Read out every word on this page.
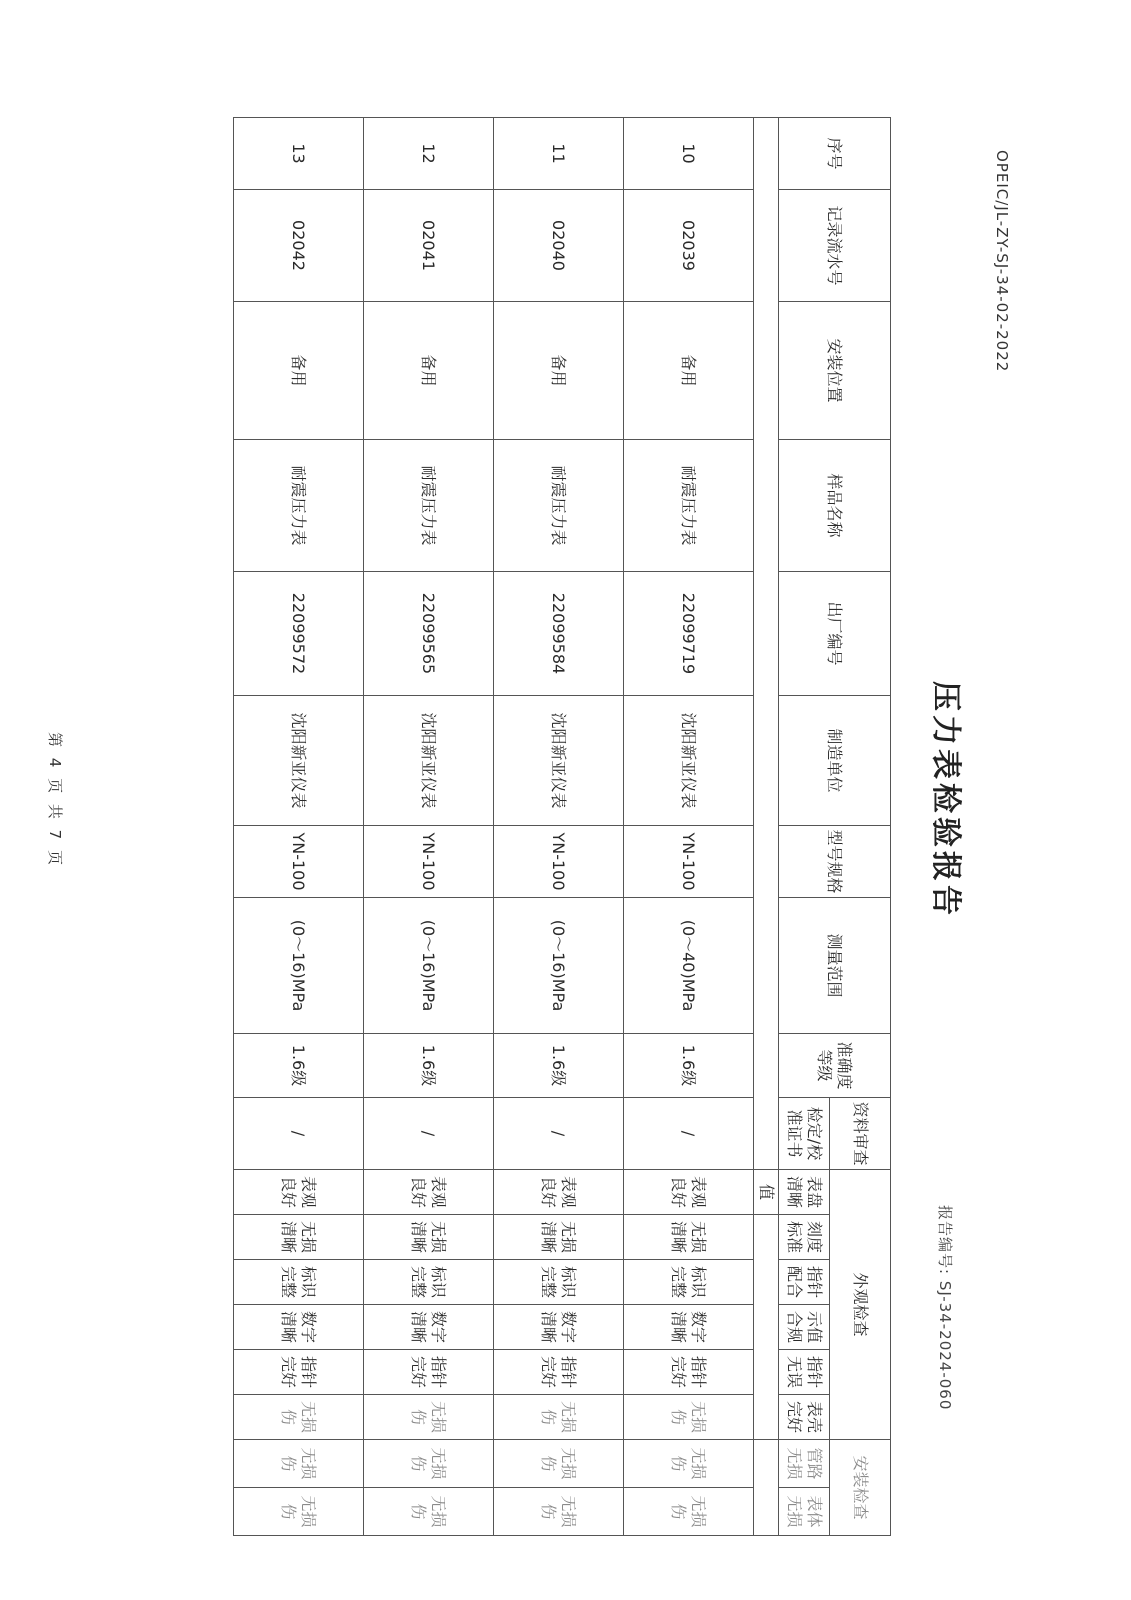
OPEIC/JL-ZY-SJ-34-02-2022
压力表检验报告
报告编号: SJ-34-2024-060
序号	记录流水号	安装位置	样品名称	出厂编号	制造单位	型号规格	测量范围	准确度等级	资料审查	外观检查						安装检查	
									检定/校准证书	表盘清晰	刻度标准	指针配合	示值合规	指针无误	表壳完好	管路无损	表体无损
										值							
10	02039	备用	耐震压力表	22099719	沈阳新亚仪表	YN-100	(0～40)MPa	1.6级	/	表观良好	无损清晰	标识完整	数字清晰	指针完好	无损伤	无损伤	无损伤
11	02040	备用	耐震压力表	22099584	沈阳新亚仪表	YN-100	(0～16)MPa	1.6级	/	表观良好	无损清晰	标识完整	数字清晰	指针完好	无损伤	无损伤	无损伤
12	02041	备用	耐震压力表	22099565	沈阳新亚仪表	YN-100	(0～16)MPa	1.6级	/	表观良好	无损清晰	标识完整	数字清晰	指针完好	无损伤	无损伤	无损伤
13	02042	备用	耐震压力表	22099572	沈阳新亚仪表	YN-100	(0～16)MPa	1.6级	/	表观良好	无损清晰	标识完整	数字清晰	指针完好	无损伤	无损伤	无损伤
第 4 页 共 7 页
